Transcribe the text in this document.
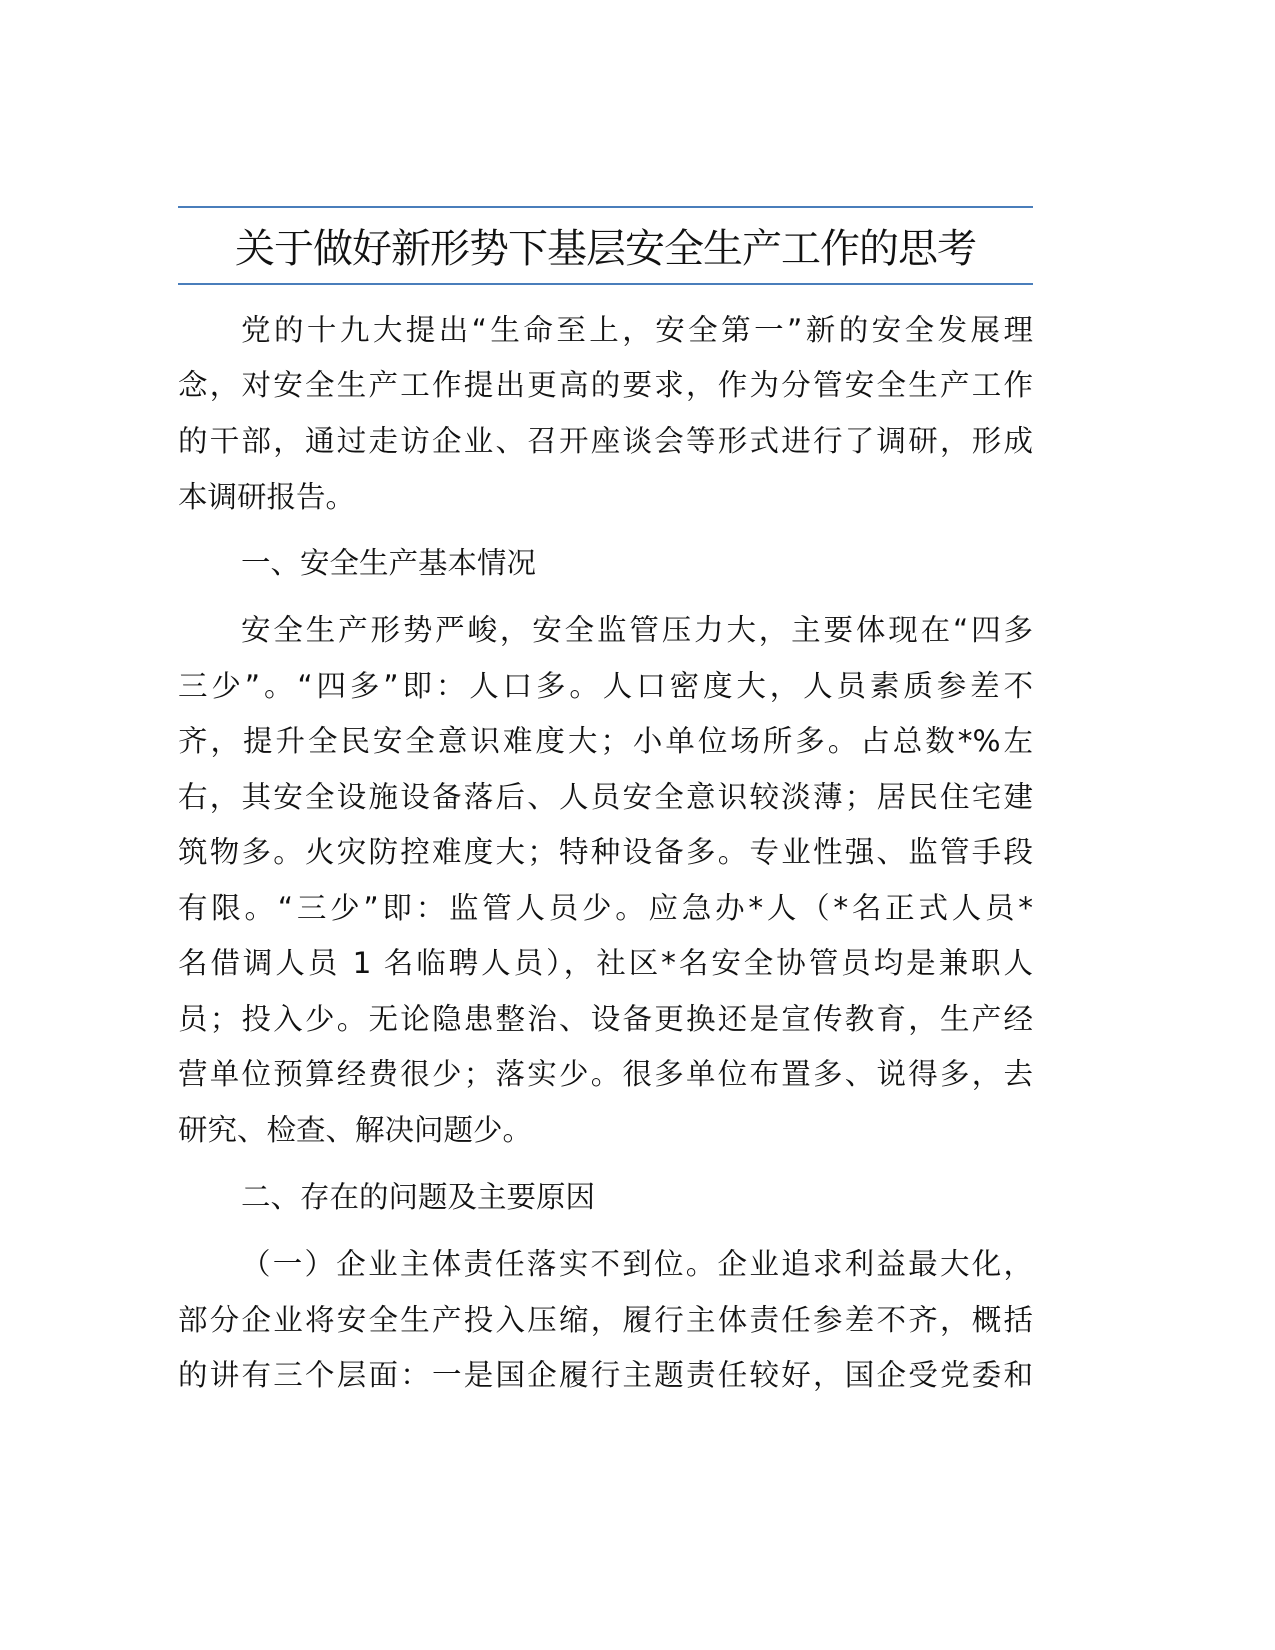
关于做好新形势下基层安全生产工作的思考
党的十九大提出“生命至上，安全第一”新的安全发展理
念，对安全生产工作提出更高的要求，作为分管安全生产工作
的干部，通过走访企业、召开座谈会等形式进行了调研，形成
本调研报告。
一、安全生产基本情况
安全生产形势严峻，安全监管压力大，主要体现在“四多
三少”。“四多”即：人口多。人口密度大，人员素质参差不
齐，提升全民安全意识难度大；小单位场所多。占总数*%左
右，其安全设施设备落后、人员安全意识较淡薄；居民住宅建
筑物多。火灾防控难度大；特种设备多。专业性强、监管手段
有限。“三少”即：监管人员少。应急办*人（*名正式人员*
名借调人员 1 名临聘人员），社区*名安全协管员均是兼职人
员；投入少。无论隐患整治、设备更换还是宣传教育，生产经
营单位预算经费很少；落实少。很多单位布置多、说得多，去
研究、检查、解决问题少。
二、存在的问题及主要原因
（一）企业主体责任落实不到位。企业追求利益最大化，
部分企业将安全生产投入压缩，履行主体责任参差不齐，概括
的讲有三个层面：一是国企履行主题责任较好，国企受党委和
